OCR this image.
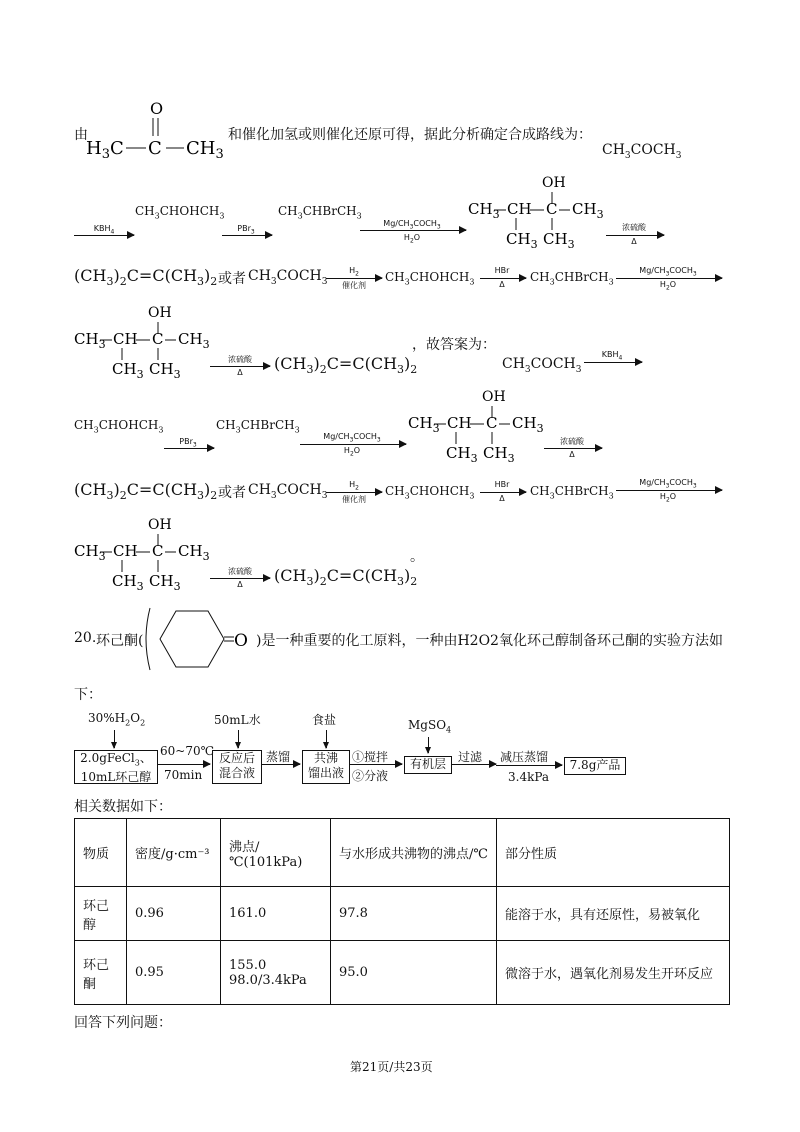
由
O
$H_3C$ C $CH_3$
和催化加氢或则催化还原可得，据此分析确定合成路线为：
$CH_3COCH_3$
$KBH_4$
$CH_3CHOHCH_3$
PBr$_3$
$CH_3CHBrCH_3$
$Mg/CH_3COCH_3$
$H_2O$
OH
$CH_3$ CH C $CH_3$
$CH_3$ $CH_3$
浓硫酸
Δ
$(CH_3)_2C=C(CH_3)_2$ 或者 $CH_3COCH_3$
$H_2$
催化剂
$CH_3CHOHCH_3$
HBr
Δ
$CH_3CHBrCH_3$
$Mg/CH_3COCH_3$
$H_2O$
OH
$CH_3$ CH C $CH_3$
$CH_3$ $CH_3$
浓硫酸
Δ $(CH_3)_2C=C(CH_3)_2$
，故答案为：
$CH_3COCH_3$
$KBH_4$
$CH_3CHOHCH_3$
PBr$_3$
$CH_3CHBrCH_3$
$Mg/CH_3COCH_3$
$H_2O$
OH
$CH_3$ CH C $CH_3$
$CH_3$ $CH_3$
浓硫酸
Δ
$(CH_3)_2C=C(CH_3)_2$ 或者 $CH_3COCH_3$
$H_2$
催化剂
$CH_3CHOHCH_3$
HBr
Δ
$CH_3CHBrCH_3$
$Mg/CH_3COCH_3$
$H_2O$
OH
$CH_3$ CH C $CH_3$
$CH_3$ $CH_3$
浓硫酸
Δ $(CH_3)_2C=C(CH_3)_2$
。
20. 环己酮(	O )是一种重要的化工原料，一种由H2O2氧化环己醇制备环己酮的实验方法如
下：
$30\%H_2O_2$	50mL水	食盐	MgSO$_4$
2.0gFeCl$_3$、
10mL环己醇
60~70℃
70min
反应后
混合液
蒸馏	共沸
馏出液
①搅拌
②分液
有机层	过滤 减压蒸馏
3.4kPa
7.8g产品
相关数据如下：
物质	密度/g·cm⁻³	沸点/℃(101kPa)	与水形成共沸物的沸点/℃	部分性质
环己醇	0.96	161.0	97.8	能溶于水，具有还原性，易被氧化
环己酮	0.95	155.0 98.0/3.4kPa	95.0	微溶于水，遇氧化剂易发生开环反应
回答下列问题：
第21页/共23页
